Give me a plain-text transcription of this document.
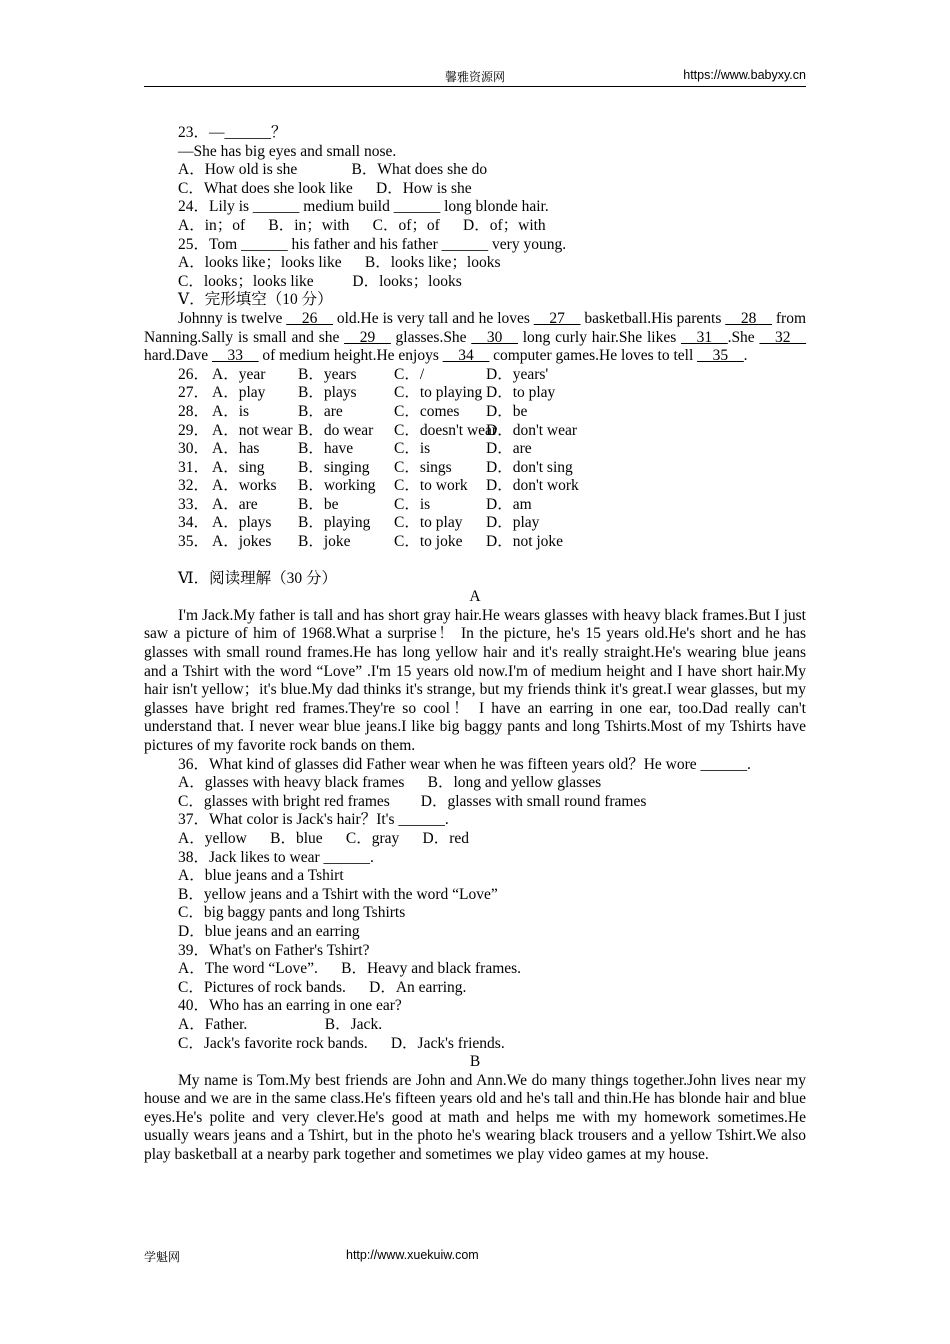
馨雅资源网	https://www.babyxy.cn
23．—______？
—She has big eyes and small nose.
A．How old is she              B．What does she do
C．What does she look like      D．How is she
24．Lily is ______ medium build ______ long blonde hair.
A．in；of      B．in；with      C．of；of      D．of；with
25．Tom ______ his father and his father ______ very young.
A．looks like；looks like      B．looks like；looks
C．looks；looks like          D．looks；looks
Ⅴ．完形填空（10 分）
Johnny is twelve __26__ old.He is very tall and he loves __27__ basketball.His parents __28__ from Nanning.Sally is small and she __29__ glasses.She __30__ long curly hair.She likes __31__.She __32__ hard.Dave __33__ of medium height.He enjoys __34__ computer games.He loves to tell __35__.
26． A．year B．years C．/	D．years'
27． A．play B．plays C．to playing D．to play
28． A．is	B．are	C．comes D．be
29． A．not wear B．do wear C．doesn't wearD．don't wear
30． A．has B．have	C．is	D．are
31． A．sing B．singing C．sings D．don't sing
32． A．works B．working C．to work D．don't work
33． A．are	B．be	C．is	D．am
34． A．plays B．playing C．to play D．play
35． A．jokes B．joke	C．to joke D．not joke
Ⅵ．阅读理解（30 分）
A
I'm Jack.My father is tall and has short gray hair.He wears glasses with heavy black frames.But I just saw a picture of him of 1968.What a surprise！ In the picture, he's 15 years old.He's short and he has glasses with small round frames.He has long yellow hair and it's really straight.He's wearing blue jeans and a Tshirt with the word “Love” .I'm 15 years old now.I'm of medium height and I have short hair.My hair isn't yellow；it's blue.My dad thinks it's strange, but my friends think it's great.I wear glasses, but my glasses have bright red frames.They're so cool！ I have an earring in one ear, too.Dad really can't understand that. I never wear blue jeans.I like big baggy pants and long Tshirts.Most of my Tshirts have pictures of my favorite rock bands on them.
36．What kind of glasses did Father wear when he was fifteen years old？He wore ______.
A．glasses with heavy black frames      B．long and yellow glasses
C．glasses with bright red frames        D．glasses with small round frames
37．What color is Jack's hair？It's ______.
A．yellow      B．blue      C．gray      D．red
38．Jack likes to wear ______.
A．blue jeans and a Tshirt
B．yellow jeans and a Tshirt with the word “Love”
C．big baggy pants and long Tshirts
D．blue jeans and an earring
39．What's on Father's Tshirt?
A．The word “Love”.      B．Heavy and black frames.
C．Pictures of rock bands.      D．An earring.
40．Who has an earring in one ear?
A．Father.                    B．Jack.
C．Jack's favorite rock bands.      D．Jack's friends.
B
My name is Tom.My best friends are John and Ann.We do many things together.John lives near my house and we are in the same class.He's fifteen years old and he's tall and thin.He has blonde hair and blue eyes.He's polite and very clever.He's good at math and helps me with my homework sometimes.He usually wears jeans and a Tshirt, but in the photo he's wearing black trousers and a yellow Tshirt.We also play basketball at a nearby park together and sometimes we play video games at my house.
学魁网	http://www.xuekuiw.com
